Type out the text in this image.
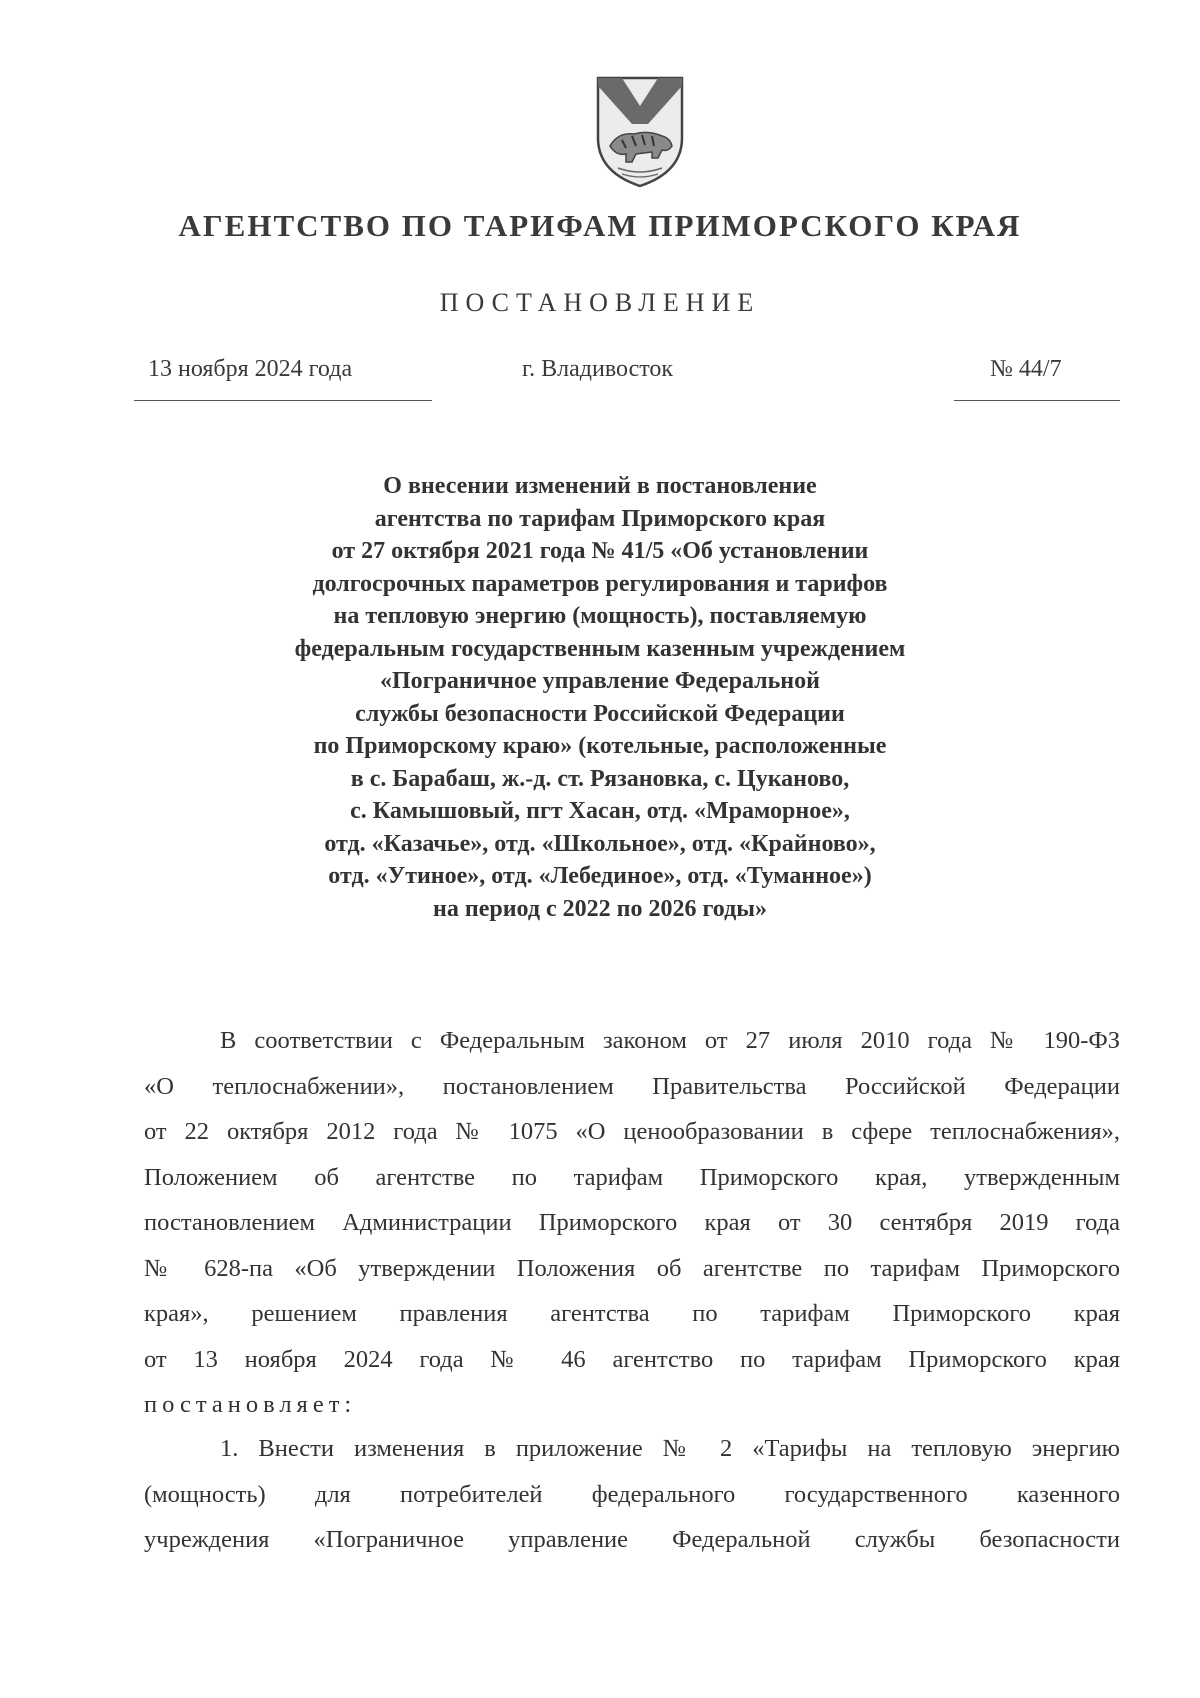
АГЕНТСТВО ПО ТАРИФАМ ПРИМОРСКОГО КРАЯ
ПОСТАНОВЛЕНИЕ
13 ноября 2024 года	г. Владивосток	№ 44/7
О внесении изменений в постановление
агентства по тарифам Приморского края
от 27 октября 2021 года № 41/5 «Об установлении
долгосрочных параметров регулирования и тарифов
на тепловую энергию (мощность), поставляемую
федеральным государственным казенным учреждением
«Пограничное управление Федеральной
службы безопасности Российской Федерации
по Приморскому краю» (котельные, расположенные
в с. Барабаш, ж.-д. ст. Рязановка, с. Цуканово,
с. Камышовый, пгт Хасан, отд. «Мраморное»,
отд. «Казачье», отд. «Школьное», отд. «Крайново»,
отд. «Утиное», отд. «Лебединое», отд. «Туманное»)
на период с 2022 по 2026 годы»
В соответствии с Федеральным законом от 27 июля 2010 года № 190-ФЗ
«О теплоснабжении», постановлением Правительства Российской Федерации
от 22 октября 2012 года № 1075 «О ценообразовании в сфере теплоснабжения»,
Положением об агентстве по тарифам Приморского края, утвержденным
постановлением Администрации Приморского края от 30 сентября 2019 года
№ 628-па «Об утверждении Положения об агентстве по тарифам Приморского
края», решением правления агентства по тарифам Приморского края
от 13 ноября 2024 года № 46 агентство по тарифам Приморского края
постановляет:
1. Внести изменения в приложение № 2 «Тарифы на тепловую энергию
(мощность) для потребителей федерального государственного казенного
учреждения «Пограничное управление Федеральной службы безопасности
